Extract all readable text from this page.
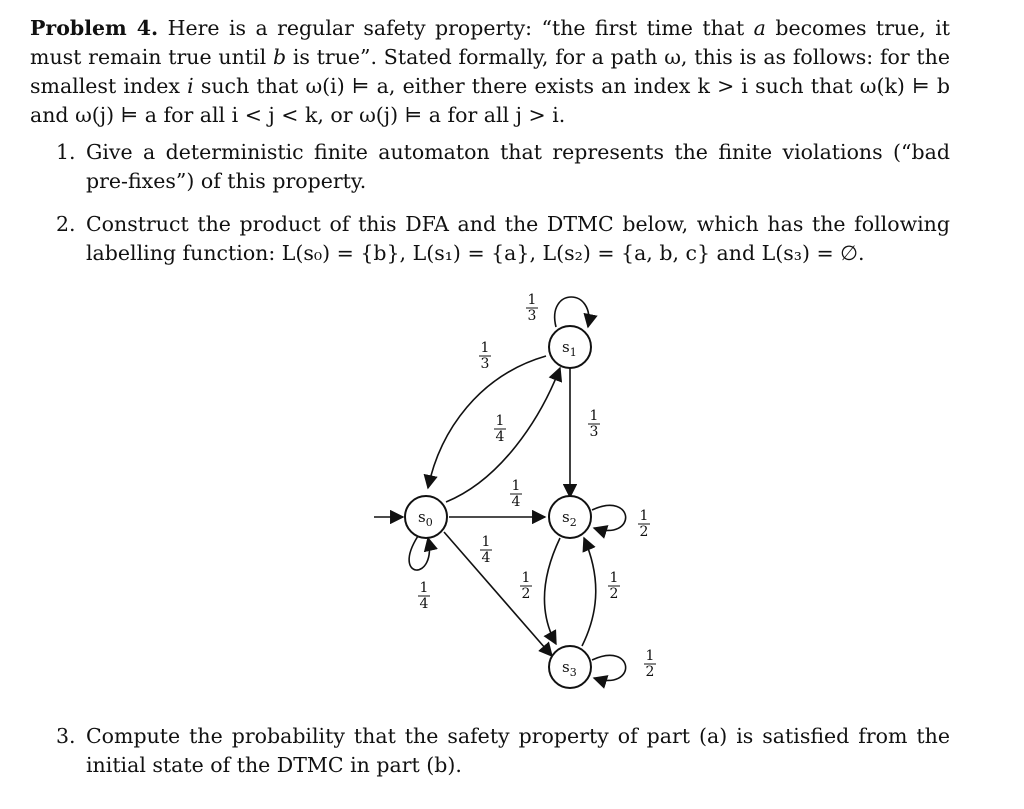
Problem 4. Here is a regular safety property: “the first time that a becomes true, it must remain true until b is true”. Stated formally, for a path ω, this is as follows: for the smallest index i such that ω(i) ⊨ a, either there exists an index k > i such that ω(k) ⊨ b and ω(j) ⊨ a for all i < j < k, or ω(j) ⊨ a for all j > i.

1. Give a deterministic finite automaton that represents the finite violations (“bad pre-fixes”) of this property.
2. Construct the product of this DFA and the DTMC below, which has the following labelling function: L(s₀) = {b}, L(s₁) = {a}, L(s₂) = {a, b, c} and L(s₃) = ∅.
$s_0$
$s_1$
$s_2$
$s_3$
1
3
1
3
1
4
1
3
1
4
1
4
1
4
1
2
1
2
1
2
1
2
3. Compute the probability that the safety property of part (a) is satisfied from the initial state of the DTMC in part (b).
